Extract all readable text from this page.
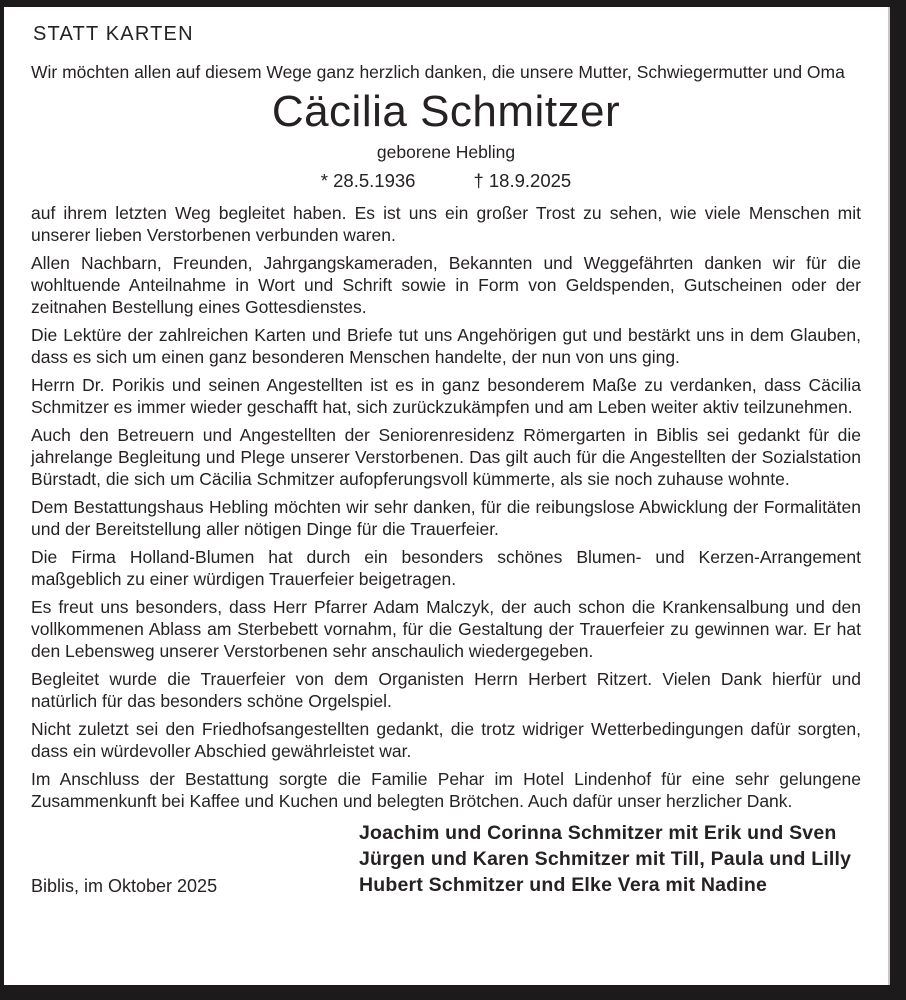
STATT KARTEN

Wir möchten allen auf diesem Wege ganz herzlich danken, die unsere Mutter, Schwiegermutter und Oma

Cäcilia Schmitzer
geborene Hebling
* 28.5.1936	† 18.9.2025

auf ihrem letzten Weg begleitet haben. Es ist uns ein großer Trost zu sehen, wie viele Menschen mit unserer lieben Verstorbenen verbunden waren.

Allen Nachbarn, Freunden, Jahrgangskameraden, Bekannten und Weggefährten danken wir für die wohltuende Anteilnahme in Wort und Schrift sowie in Form von Geldspenden, Gutscheinen oder der zeitnahen Bestellung eines Gottesdienstes.

Die Lektüre der zahlreichen Karten und Briefe tut uns Angehörigen gut und bestärkt uns in dem Glauben, dass es sich um einen ganz besonderen Menschen handelte, der nun von uns ging.

Herrn Dr. Porikis und seinen Angestellten ist es in ganz besonderem Maße zu verdanken, dass Cäcilia Schmitzer es immer wieder geschafft hat, sich zurückzukämpfen und am Leben weiter aktiv teilzunehmen.

Auch den Betreuern und Angestellten der Seniorenresidenz Römergarten in Biblis sei gedankt für die jahrelange Begleitung und Plege unserer Verstorbenen. Das gilt auch für die Angestellten der Sozialstation Bürstadt, die sich um Cäcilia Schmitzer aufopferungsvoll kümmerte, als sie noch zuhause wohnte.

Dem Bestattungshaus Hebling möchten wir sehr danken, für die reibungslose Abwicklung der Formalitäten und der Bereitstellung aller nötigen Dinge für die Trauerfeier.

Die Firma Holland-Blumen hat durch ein besonders schönes Blumen- und Kerzen-Arrangement maßgeblich zu einer würdigen Trauerfeier beigetragen.

Es freut uns besonders, dass Herr Pfarrer Adam Malczyk, der auch schon die Krankensalbung und den vollkommenen Ablass am Sterbebett vornahm, für die Gestaltung der Trauerfeier zu gewinnen war. Er hat den Lebensweg unserer Verstorbenen sehr anschaulich wiedergegeben.

Begleitet wurde die Trauerfeier von dem Organisten Herrn Herbert Ritzert. Vielen Dank hierfür und natürlich für das besonders schöne Orgelspiel.

Nicht zuletzt sei den Friedhofsangestellten gedankt, die trotz widriger Wetterbedingungen dafür sorgten, dass ein würdevoller Abschied gewährleistet war.

Im Anschluss der Bestattung sorgte die Familie Pehar im Hotel Lindenhof für eine sehr gelungene Zusammenkunft bei Kaffee und Kuchen und belegten Brötchen. Auch dafür unser herzlicher Dank.

Biblis, im Oktober 2025
Joachim und Corinna Schmitzer mit Erik und Sven
Jürgen und Karen Schmitzer mit Till, Paula und Lilly
Hubert Schmitzer und Elke Vera mit Nadine
